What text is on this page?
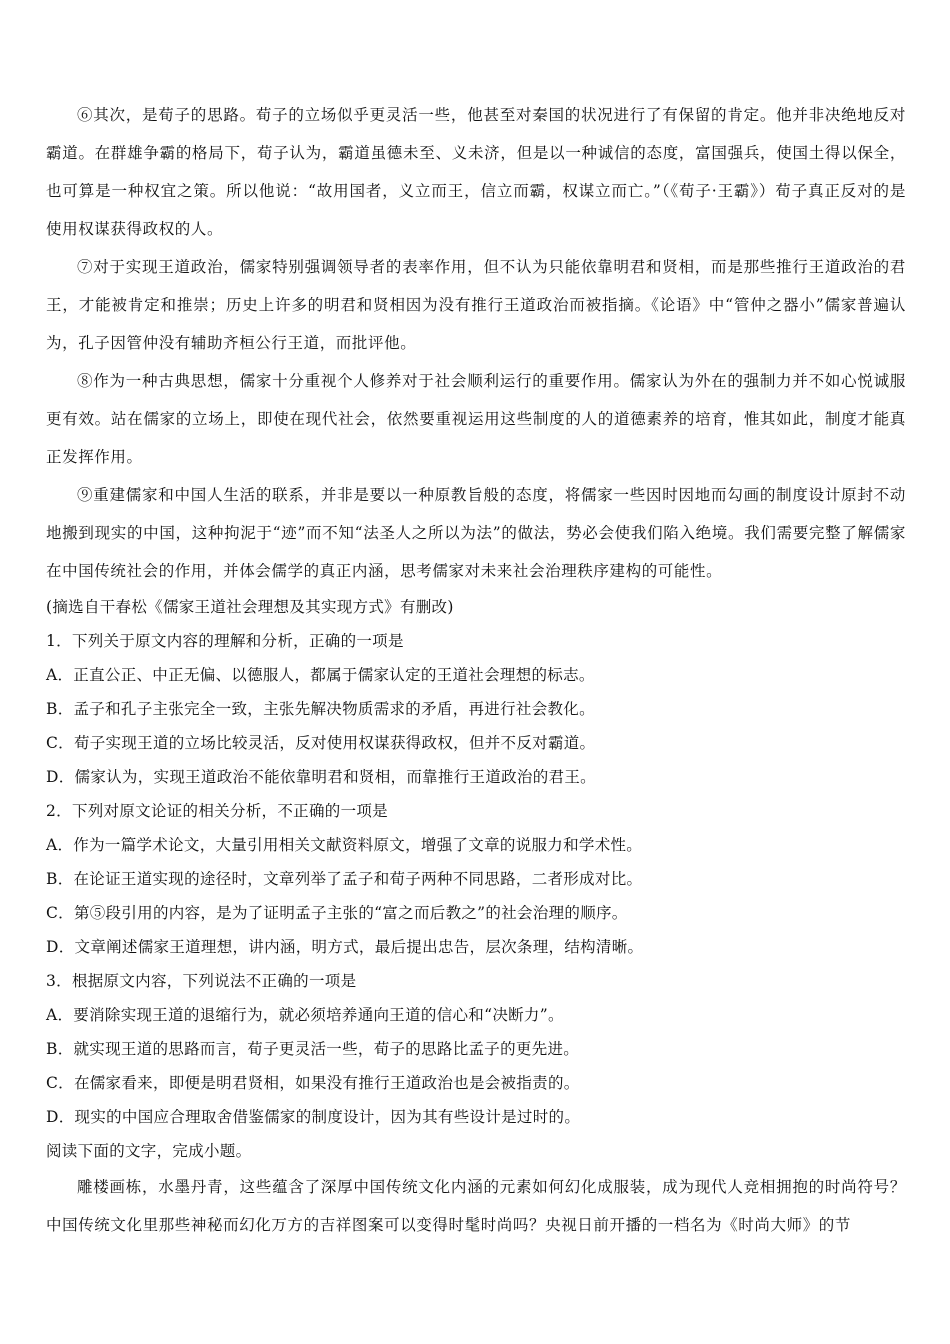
⑥其次，是荀子的思路。荀子的立场似乎更灵活一些，他甚至对秦国的状况进行了有保留的肯定。他并非决绝地反对霸道。在群雄争霸的格局下，荀子认为，霸道虽德未至、义未济，但是以一种诚信的态度，富国强兵，使国土得以保全，也可算是一种权宜之策。所以他说：“故用国者，义立而王，信立而霸，权谋立而亡。”（《荀子·王霸》）荀子真正反对的是使用权谋获得政权的人。

⑦对于实现王道政治，儒家特别强调领导者的表率作用，但不认为只能依靠明君和贤相，而是那些推行王道政治的君王，才能被肯定和推崇；历史上许多的明君和贤相因为没有推行王道政治而被指摘。《论语》中“管仲之器小”儒家普遍认为，孔子因管仲没有辅助齐桓公行王道，而批评他。

⑧作为一种古典思想，儒家十分重视个人修养对于社会顺利运行的重要作用。儒家认为外在的强制力并不如心悦诚服更有效。站在儒家的立场上，即使在现代社会，依然要重视运用这些制度的人的道德素养的培育，惟其如此，制度才能真正发挥作用。

⑨重建儒家和中国人生活的联系，并非是要以一种原教旨般的态度，将儒家一些因时因地而勾画的制度设计原封不动地搬到现实的中国，这种拘泥于“迹”而不知“法圣人之所以为法”的做法，势必会使我们陷入绝境。我们需要完整了解儒家在中国传统社会的作用，并体会儒学的真正内涵，思考儒家对未来社会治理秩序建构的可能性。

(摘选自干春松《儒家王道社会理想及其实现方式》有删改)

1．下列关于原文内容的理解和分析，正确的一项是

A．正直公正、中正无偏、以德服人，都属于儒家认定的王道社会理想的标志。

B．孟子和孔子主张完全一致，主张先解决物质需求的矛盾，再进行社会教化。

C．荀子实现王道的立场比较灵活，反对使用权谋获得政权，但并不反对霸道。

D．儒家认为，实现王道政治不能依靠明君和贤相，而靠推行王道政治的君王。

2．下列对原文论证的相关分析，不正确的一项是

A．作为一篇学术论文，大量引用相关文献资料原文，增强了文章的说服力和学术性。

B．在论证王道实现的途径时，文章列举了孟子和荀子两种不同思路，二者形成对比。

C．第⑤段引用的内容，是为了证明孟子主张的“富之而后教之”的社会治理的顺序。

D．文章阐述儒家王道理想，讲内涵，明方式，最后提出忠告，层次条理，结构清晰。

3．根据原文内容，下列说法不正确的一项是

A．要消除实现王道的退缩行为，就必须培养通向王道的信心和“决断力”。

B．就实现王道的思路而言，荀子更灵活一些，荀子的思路比孟子的更先进。

C．在儒家看来，即便是明君贤相，如果没有推行王道政治也是会被指责的。

D．现实的中国应合理取舍借鉴儒家的制度设计，因为其有些设计是过时的。

阅读下面的文字，完成小题。

雕楼画栋，水墨丹青，这些蕴含了深厚中国传统文化内涵的元素如何幻化成服装，成为现代人竞相拥抱的时尚符号？中国传统文化里那些神秘而幻化万方的吉祥图案可以变得时髦时尚吗？央视日前开播的一档名为《时尚大师》的节
